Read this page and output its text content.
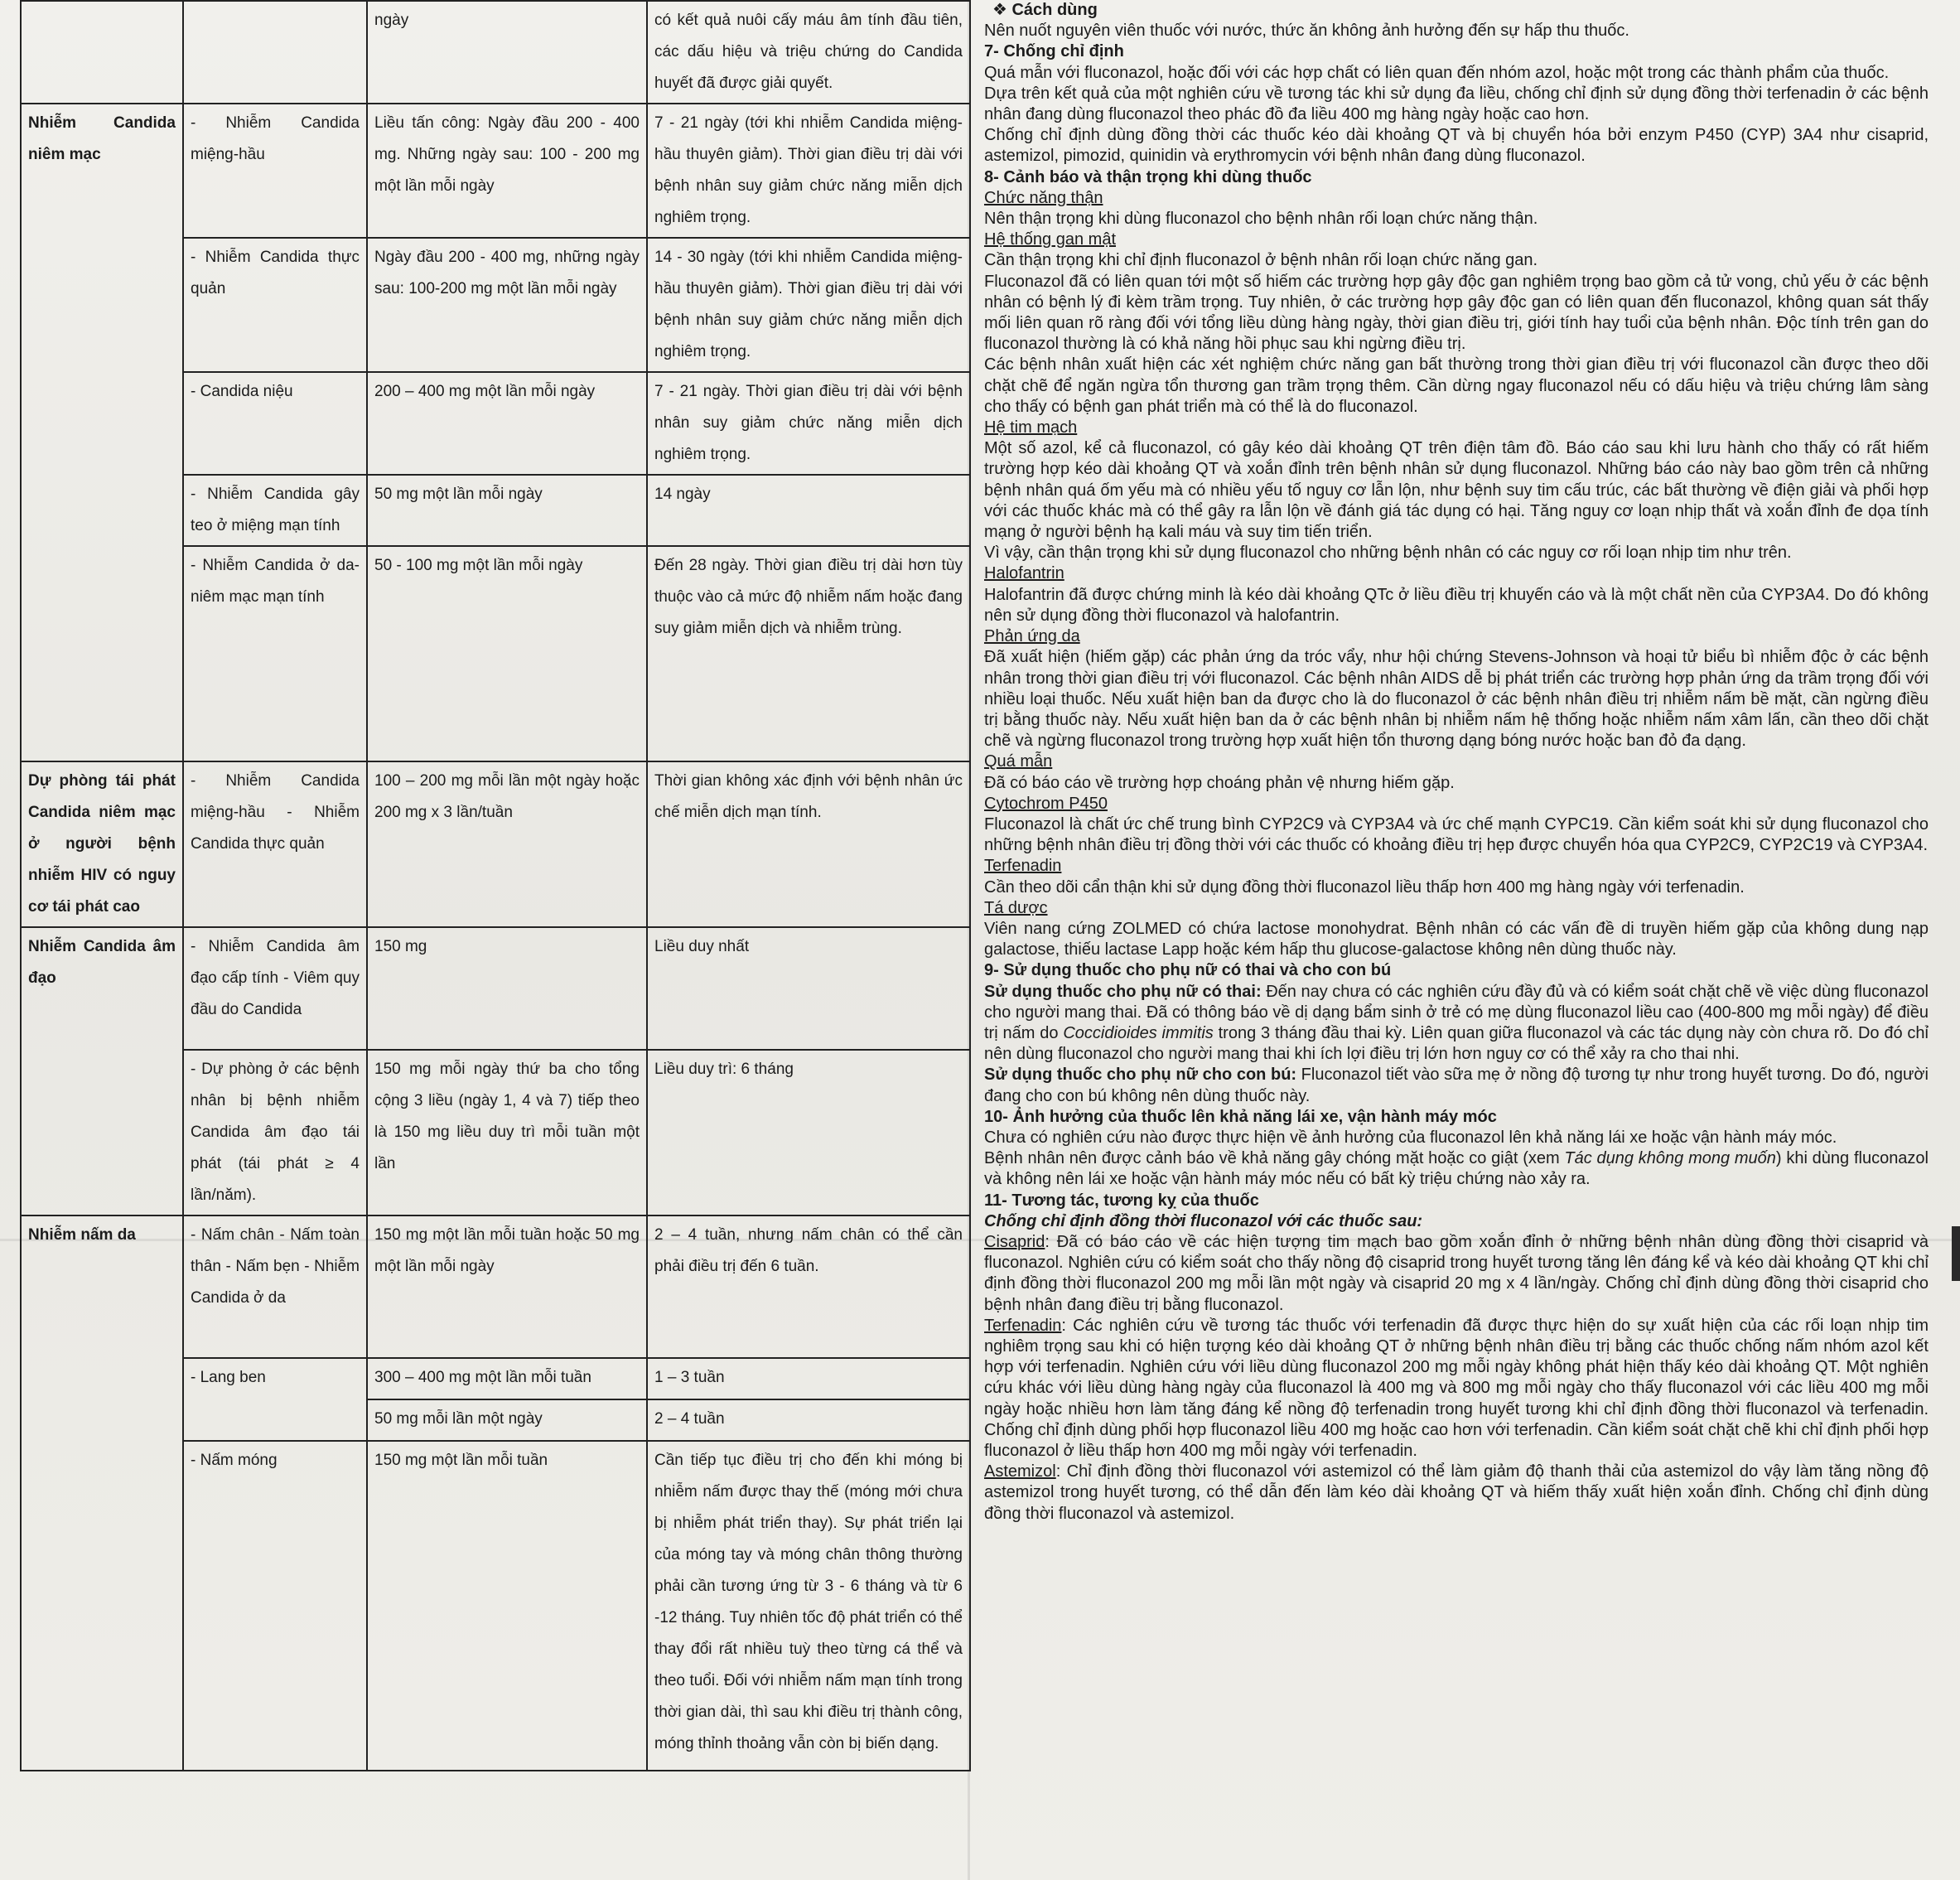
		ngày	có kết quả nuôi cấy máu âm tính đầu tiên, các dấu hiệu và triệu chứng do Candida huyết đã được giải quyết.
Nhiễm Candida niêm mạc	- Nhiễm Candida miệng-hầu	Liều tấn công: Ngày đầu 200 - 400 mg. Những ngày sau: 100 - 200 mg một lần mỗi ngày	7 - 21 ngày (tới khi nhiễm Candida miệng-hầu thuyên giảm). Thời gian điều trị dài với bệnh nhân suy giảm chức năng miễn dịch nghiêm trọng.
	- Nhiễm Candida thực quản	Ngày đầu 200 - 400 mg, những ngày sau: 100-200 mg một lần mỗi ngày	14 - 30 ngày (tới khi nhiễm Candida miệng-hầu thuyên giảm). Thời gian điều trị dài với bệnh nhân suy giảm chức năng miễn dịch nghiêm trọng.
	- Candida niệu	200 – 400 mg một lần mỗi ngày	7 - 21 ngày. Thời gian điều trị dài với bệnh nhân suy giảm chức năng miễn dịch nghiêm trọng.
	- Nhiễm Candida gây teo ở miệng mạn tính	50 mg một lần mỗi ngày	14 ngày
	- Nhiễm Candida ở da-niêm mạc mạn tính	50 - 100 mg một lần mỗi ngày	Đến 28 ngày. Thời gian điều trị dài hơn tùy thuộc vào cả mức độ nhiễm nấm hoặc đang suy giảm miễn dịch và nhiễm trùng.
Dự phòng tái phát Candida niêm mạc ở người bệnh nhiễm HIV có nguy cơ tái phát cao	- Nhiễm Candida miệng-hầu - Nhiễm Candida thực quản	100 – 200 mg mỗi lần một ngày hoặc 200 mg x 3 lần/tuần	Thời gian không xác định với bệnh nhân ức chế miễn dịch mạn tính.
Nhiễm Candida âm đạo	- Nhiễm Candida âm đạo cấp tính - Viêm quy đầu do Candida	150 mg	Liều duy nhất
	- Dự phòng ở các bệnh nhân bị bệnh nhiễm Candida âm đạo tái phát (tái phát ≥ 4 lần/năm).	150 mg mỗi ngày thứ ba cho tổng cộng 3 liều (ngày 1, 4 và 7) tiếp theo là 150 mg liều duy trì mỗi tuần một lần	Liều duy trì: 6 tháng
Nhiễm nấm da	- Nấm chân - Nấm toàn thân - Nấm bẹn - Nhiễm Candida ở da	150 mg một lần mỗi tuần hoặc 50 mg một lần mỗi ngày	2 – 4 tuần, nhưng nấm chân có thể cần phải điều trị đến 6 tuần.
	- Lang ben	300 – 400 mg một lần mỗi tuần	1 – 3 tuần
		50 mg mỗi lần một ngày	2 – 4 tuần
	- Nấm móng	150 mg một lần mỗi tuần	Cần tiếp tục điều trị cho đến khi móng bị nhiễm nấm được thay thế (móng mới chưa bị nhiễm phát triển thay). Sự phát triển lại của móng tay và móng chân thông thường phải cần tương ứng từ 3 - 6 tháng và từ 6 -12 tháng. Tuy nhiên tốc độ phát triển có thể thay đổi rất nhiều tuỳ theo từng cá thể và theo tuổi. Đối với nhiễm nấm mạn tính trong thời gian dài, thì sau khi điều trị thành công, móng thỉnh thoảng vẫn còn bị biến dạng.

❖ Cách dùng

Nên nuốt nguyên viên thuốc với nước, thức ăn không ảnh hưởng đến sự hấp thu thuốc.

7- Chống chỉ định

Quá mẫn với fluconazol, hoặc đối với các hợp chất có liên quan đến nhóm azol, hoặc một trong các thành phẩm của thuốc.

Dựa trên kết quả của một nghiên cứu về tương tác khi sử dụng đa liều, chống chỉ định sử dụng đồng thời terfenadin ở các bệnh nhân đang dùng fluconazol theo phác đồ đa liều 400 mg hàng ngày hoặc cao hơn.

Chống chỉ định dùng đồng thời các thuốc kéo dài khoảng QT và bị chuyển hóa bởi enzym P450 (CYP) 3A4 như cisaprid, astemizol, pimozid, quinidin và erythromycin với bệnh nhân đang dùng fluconazol.

8- Cảnh báo và thận trọng khi dùng thuốc

Chức năng thận

Nên thận trọng khi dùng fluconazol cho bệnh nhân rối loạn chức năng thận.

Hệ thống gan mật

Cần thận trọng khi chỉ định fluconazol ở bệnh nhân rối loạn chức năng gan.

Fluconazol đã có liên quan tới một số hiếm các trường hợp gây độc gan nghiêm trọng bao gồm cả tử vong, chủ yếu ở các bệnh nhân có bệnh lý đi kèm trầm trọng. Tuy nhiên, ở các trường hợp gây độc gan có liên quan đến fluconazol, không quan sát thấy mối liên quan rõ ràng đối với tổng liều dùng hàng ngày, thời gian điều trị, giới tính hay tuổi của bệnh nhân. Độc tính trên gan do fluconazol thường là có khả năng hồi phục sau khi ngừng điều trị.

Các bệnh nhân xuất hiện các xét nghiệm chức năng gan bất thường trong thời gian điều trị với fluconazol cần được theo dõi chặt chẽ để ngăn ngừa tổn thương gan trầm trọng thêm. Cần dừng ngay fluconazol nếu có dấu hiệu và triệu chứng lâm sàng cho thấy có bệnh gan phát triển mà có thể là do fluconazol.

Hệ tim mạch

Một số azol, kể cả fluconazol, có gây kéo dài khoảng QT trên điện tâm đồ. Báo cáo sau khi lưu hành cho thấy có rất hiếm trường hợp kéo dài khoảng QT và xoắn đỉnh trên bệnh nhân sử dụng fluconazol. Những báo cáo này bao gồm trên cả những bệnh nhân quá ốm yếu mà có nhiều yếu tố nguy cơ lẫn lộn, như bệnh suy tim cấu trúc, các bất thường về điện giải và phối hợp với các thuốc khác mà có thể gây ra lẫn lộn về đánh giá tác dụng có hại. Tăng nguy cơ loạn nhịp thất và xoắn đỉnh đe dọa tính mạng ở người bệnh hạ kali máu và suy tim tiến triển.

Vì vậy, cần thận trọng khi sử dụng fluconazol cho những bệnh nhân có các nguy cơ rối loạn nhịp tim như trên.

Halofantrin

Halofantrin đã được chứng minh là kéo dài khoảng QTc ở liều điều trị khuyến cáo và là một chất nền của CYP3A4. Do đó không nên sử dụng đồng thời fluconazol và halofantrin.

Phản ứng da

Đã xuất hiện (hiếm gặp) các phản ứng da tróc vẩy, như hội chứng Stevens-Johnson và hoại tử biểu bì nhiễm độc ở các bệnh nhân trong thời gian điều trị với fluconazol. Các bệnh nhân AIDS dễ bị phát triển các trường hợp phản ứng da trầm trọng đối với nhiều loại thuốc. Nếu xuất hiện ban da được cho là do fluconazol ở các bệnh nhân điều trị nhiễm nấm bề mặt, cần ngừng điều trị bằng thuốc này. Nếu xuất hiện ban da ở các bệnh nhân bị nhiễm nấm hệ thống hoặc nhiễm nấm xâm lấn, cần theo dõi chặt chẽ và ngừng fluconazol trong trường hợp xuất hiện tổn thương dạng bóng nước hoặc ban đỏ đa dạng.

Quá mẫn

Đã có báo cáo về trường hợp choáng phản vệ nhưng hiếm gặp.

Cytochrom P450

Fluconazol là chất ức chế trung bình CYP2C9 và CYP3A4 và ức chế mạnh CYPC19. Cần kiểm soát khi sử dụng fluconazol cho những bệnh nhân điều trị đồng thời với các thuốc có khoảng điều trị hẹp được chuyển hóa qua CYP2C9, CYP2C19 và CYP3A4.

Terfenadin

Cần theo dõi cẩn thận khi sử dụng đồng thời fluconazol liều thấp hơn 400 mg hàng ngày với terfenadin.

Tá dược

Viên nang cứng ZOLMED có chứa lactose monohydrat. Bệnh nhân có các vấn đề di truyền hiếm gặp của không dung nạp galactose, thiếu lactase Lapp hoặc kém hấp thu glucose-galactose không nên dùng thuốc này.

9- Sử dụng thuốc cho phụ nữ có thai và cho con bú

Sử dụng thuốc cho phụ nữ có thai: Đến nay chưa có các nghiên cứu đầy đủ và có kiểm soát chặt chẽ về việc dùng fluconazol cho người mang thai. Đã có thông báo về dị dạng bẩm sinh ở trẻ có mẹ dùng fluconazol liều cao (400-800 mg mỗi ngày) để điều trị nấm do Coccidioides immitis trong 3 tháng đầu thai kỳ. Liên quan giữa fluconazol và các tác dụng này còn chưa rõ. Do đó chỉ nên dùng fluconazol cho người mang thai khi ích lợi điều trị lớn hơn nguy cơ có thể xảy ra cho thai nhi.

Sử dụng thuốc cho phụ nữ cho con bú: Fluconazol tiết vào sữa mẹ ở nồng độ tương tự như trong huyết tương. Do đó, người đang cho con bú không nên dùng thuốc này.

10- Ảnh hưởng của thuốc lên khả năng lái xe, vận hành máy móc

Chưa có nghiên cứu nào được thực hiện về ảnh hưởng của fluconazol lên khả năng lái xe hoặc vận hành máy móc.

Bệnh nhân nên được cảnh báo về khả năng gây chóng mặt hoặc co giật (xem Tác dụng không mong muốn) khi dùng fluconazol và không nên lái xe hoặc vận hành máy móc nếu có bất kỳ triệu chứng nào xảy ra.

11- Tương tác, tương kỵ của thuốc

Chống chỉ định đồng thời fluconazol với các thuốc sau:

Cisaprid: Đã có báo cáo về các hiện tượng tim mạch bao gồm xoắn đỉnh ở những bệnh nhân dùng đồng thời cisaprid và fluconazol. Nghiên cứu có kiểm soát cho thấy nồng độ cisaprid trong huyết tương tăng lên đáng kể và kéo dài khoảng QT khi chỉ định đồng thời fluconazol 200 mg mỗi lần một ngày và cisaprid 20 mg x 4 lần/ngày. Chống chỉ định dùng đồng thời cisaprid cho bệnh nhân đang điều trị bằng fluconazol.

Terfenadin: Các nghiên cứu về tương tác thuốc với terfenadin đã được thực hiện do sự xuất hiện của các rối loạn nhịp tim nghiêm trọng sau khi có hiện tượng kéo dài khoảng QT ở những bệnh nhân điều trị bằng các thuốc chống nấm nhóm azol kết hợp với terfenadin. Nghiên cứu với liều dùng fluconazol 200 mg mỗi ngày không phát hiện thấy kéo dài khoảng QT. Một nghiên cứu khác với liều dùng hàng ngày của fluconazol là 400 mg và 800 mg mỗi ngày cho thấy fluconazol với các liều 400 mg mỗi ngày hoặc nhiều hơn làm tăng đáng kể nồng độ terfenadin trong huyết tương khi chỉ định đồng thời fluconazol và terfenadin. Chống chỉ định dùng phối hợp fluconazol liều 400 mg hoặc cao hơn với terfenadin. Cần kiểm soát chặt chẽ khi chỉ định phối hợp fluconazol ở liều thấp hơn 400 mg mỗi ngày với terfenadin.

Astemizol: Chỉ định đồng thời fluconazol với astemizol có thể làm giảm độ thanh thải của astemizol do vậy làm tăng nồng độ astemizol trong huyết tương, có thể dẫn đến làm kéo dài khoảng QT và hiếm thấy xuất hiện xoắn đỉnh. Chống chỉ định dùng đồng thời fluconazol và astemizol.
